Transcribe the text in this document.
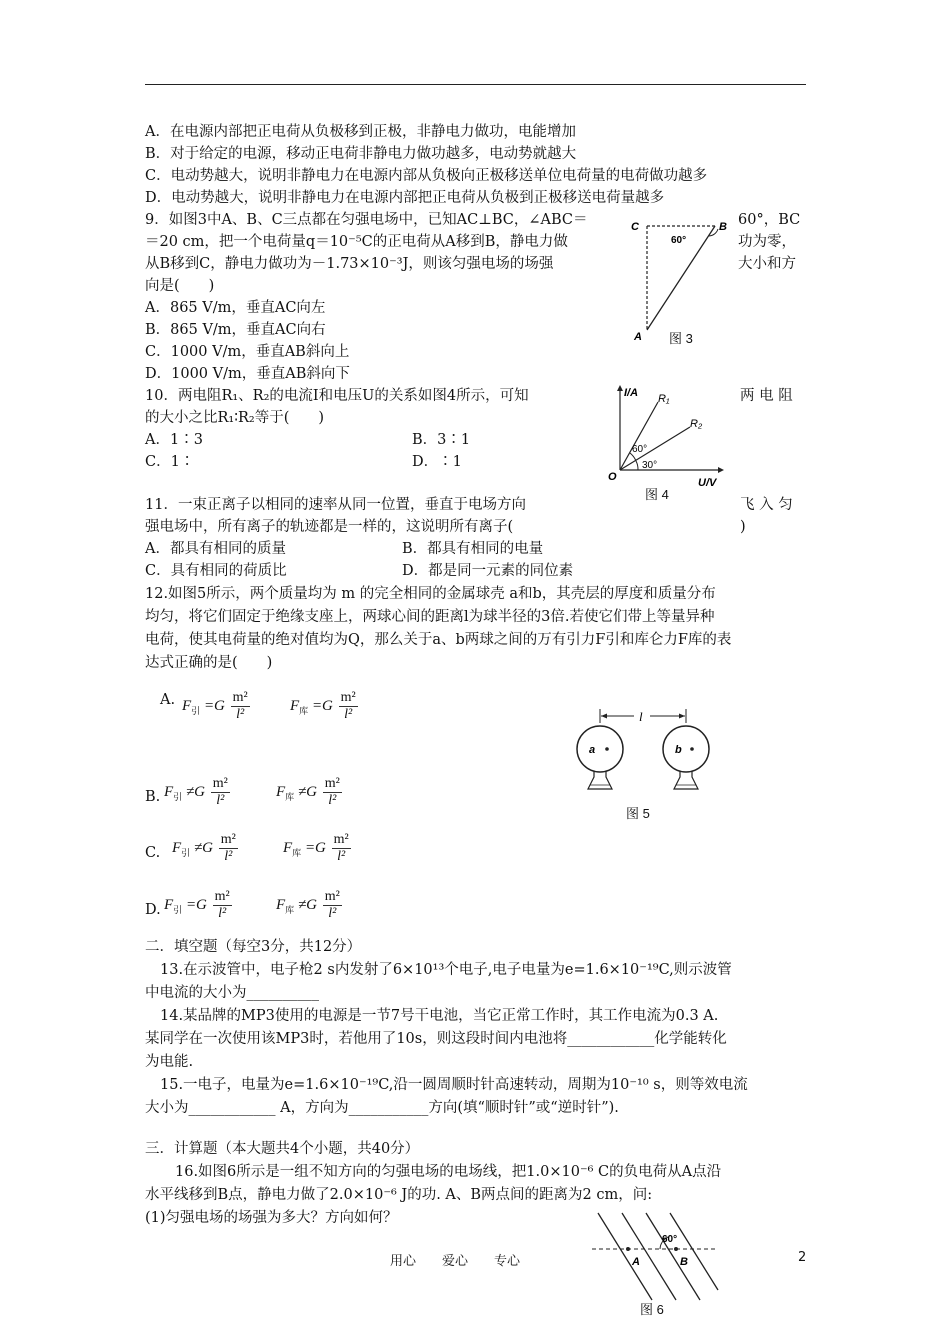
A．在电源内部把正电荷从负极移到正极，非静电力做功，电能增加
B．对于给定的电源，移动正电荷非静电力做功越多，电动势就越大
C．电动势越大，说明非静电力在电源内部从负极向正极移送单位电荷量的电荷做功越多
D．电动势越大，说明非静电力在电源内部把正电荷从负极到正极移送电荷量越多
9．如图3中A、B、C三点都在匀强电场中，已知AC⊥BC，∠ABC＝	60°，BC
＝20 cm，把一个电荷量q＝10⁻⁵C的正电荷从A移到B，静电力做	功为零，
从B移到C，静电力做功为－1.73×10⁻³J，则该匀强电场的场强	大小和方
向是(　　)
A．865 V/m，垂直AC向左
B．865 V/m，垂直AC向右
C．1000 V/m，垂直AB斜向上
D．1000 V/m，垂直AB斜向下
C	B
A
60°
图 3
10．两电阻R₁、R₂的电流I和电压U的关系如图4所示，可知	两 电 阻
的大小之比R₁∶R₂等于(　　)
A．1∶3	B．3∶1
C．1∶	D．∶1
I/A
U/V
O
R₁
R₂
60°
30°
图 4
11．一束正离子以相同的速率从同一位置，垂直于电场方向	飞 入 匀
强电场中，所有离子的轨迹都是一样的，这说明所有离子(	)
A．都具有相同的质量	B．都具有相同的电量
C．具有相同的荷质比	D．都是同一元素的同位素
12.如图5所示，两个质量均为 m 的完全相同的金属球壳 a和b，其壳层的厚度和质量分布
均匀，将它们固定于绝缘支座上，两球心间的距离l为球半径的3倍.若使它们带上等量异种
电荷，使其电荷量的绝对值均为Q，那么关于a、b两球之间的万有引力F引和库仑力F库的表
达式正确的是(　　)
A. $F_引 =G \frac{\text{m²}}{\text{l²}}$	$F_库 =G \frac{\text{m²}}{\text{l²}}$
B. $F_引 \ne G \frac{\text{m²}}{\text{l²}}$	$F_库 \ne G \frac{\text{m²}}{\text{l²}}$
C. $F_引 \ne G \frac{\text{m²}}{\text{l²}}$	$F_库 =G \frac{\text{m²}}{\text{l²}}$
D. $F_引 =G \frac{\text{m²}}{\text{l²}}$	$F_库 \ne G \frac{\text{m²}}{\text{l²}}$
l
a	b
图 5
二．填空题（每空3分，共12分）
13.在示波管中，电子枪2 s内发射了6×10¹³个电子,电子电量为e=1.6×10⁻¹⁹C,则示波管
中电流的大小为__________
14.某品牌的MP3使用的电源是一节7号干电池，当它正常工作时，其工作电流为0.3 A.
某同学在一次使用该MP3时，若他用了10s，则这段时间内电池将____________化学能转化
为电能.
15.一电子，电量为e=1.6×10⁻¹⁹C,沿一圆周顺时针高速转动，周期为10⁻¹⁰ s，则等效电流
大小为____________ A，方向为___________方向(填“顺时针”或“逆时针”).
三．计算题（本大题共4个小题，共40分）
16.如图6所示是一组不知方向的匀强电场的电场线，把1.0×10⁻⁶ C的负电荷从A点沿
水平线移到B点，静电力做了2.0×10⁻⁶ J的功. A、B两点间的距离为2 cm，问:
(1)匀强电场的场强为多大？方向如何？
A	B
60°
图 6
用心　　爱心　　专心	2
